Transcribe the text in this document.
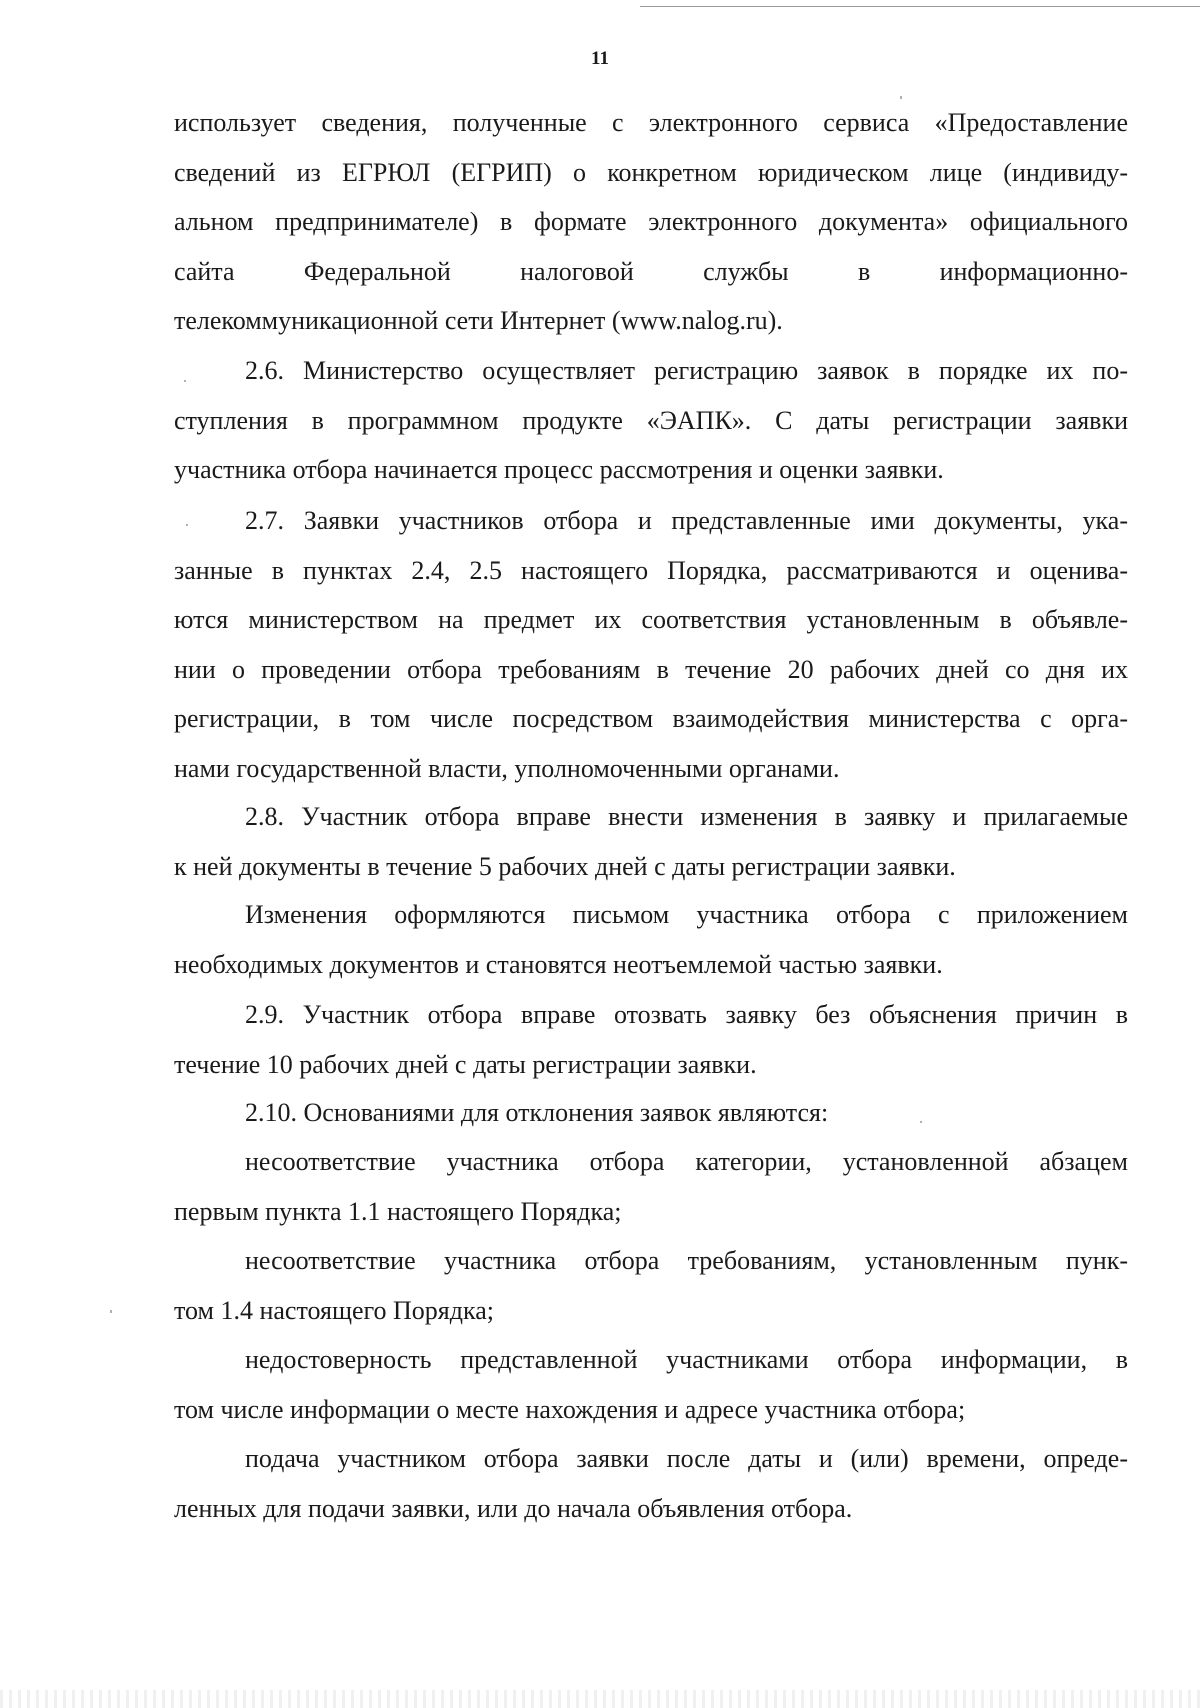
11
использует сведения, полученные с электронного сервиса «Предоставление
сведений из ЕГРЮЛ (ЕГРИП) о конкретном юридическом лице (индивиду-
альном предпринимателе) в формате электронного документа» официального
сайта Федеральной налоговой службы в информационно-
телекоммуникационной сети Интернет (www.nalog.ru).
2.6. Министерство осуществляет регистрацию заявок в порядке их по-
ступления в программном продукте «ЭАПК». С даты регистрации заявки
участника отбора начинается процесс рассмотрения и оценки заявки.
2.7. Заявки участников отбора и представленные ими документы, ука-
занные в пунктах 2.4, 2.5 настоящего Порядка, рассматриваются и оценива-
ются министерством на предмет их соответствия установленным в объявле-
нии о проведении отбора требованиям в течение 20 рабочих дней со дня их
регистрации, в том числе посредством взаимодействия министерства с орга-
нами государственной власти, уполномоченными органами.
2.8. Участник отбора вправе внести изменения в заявку и прилагаемые
к ней документы в течение 5 рабочих дней с даты регистрации заявки.
Изменения оформляются письмом участника отбора с приложением
необходимых документов и становятся неотъемлемой частью заявки.
2.9. Участник отбора вправе отозвать заявку без объяснения причин в
течение 10 рабочих дней с даты регистрации заявки.
2.10. Основаниями для отклонения заявок являются:
несоответствие участника отбора категории, установленной абзацем
первым пункта 1.1 настоящего Порядка;
несоответствие участника отбора требованиям, установленным пунк-
том 1.4 настоящего Порядка;
недостоверность представленной участниками отбора информации, в
том числе информации о месте нахождения и адресе участника отбора;
подача участником отбора заявки после даты и (или) времени, опреде-
ленных для подачи заявки, или до начала объявления отбора.
